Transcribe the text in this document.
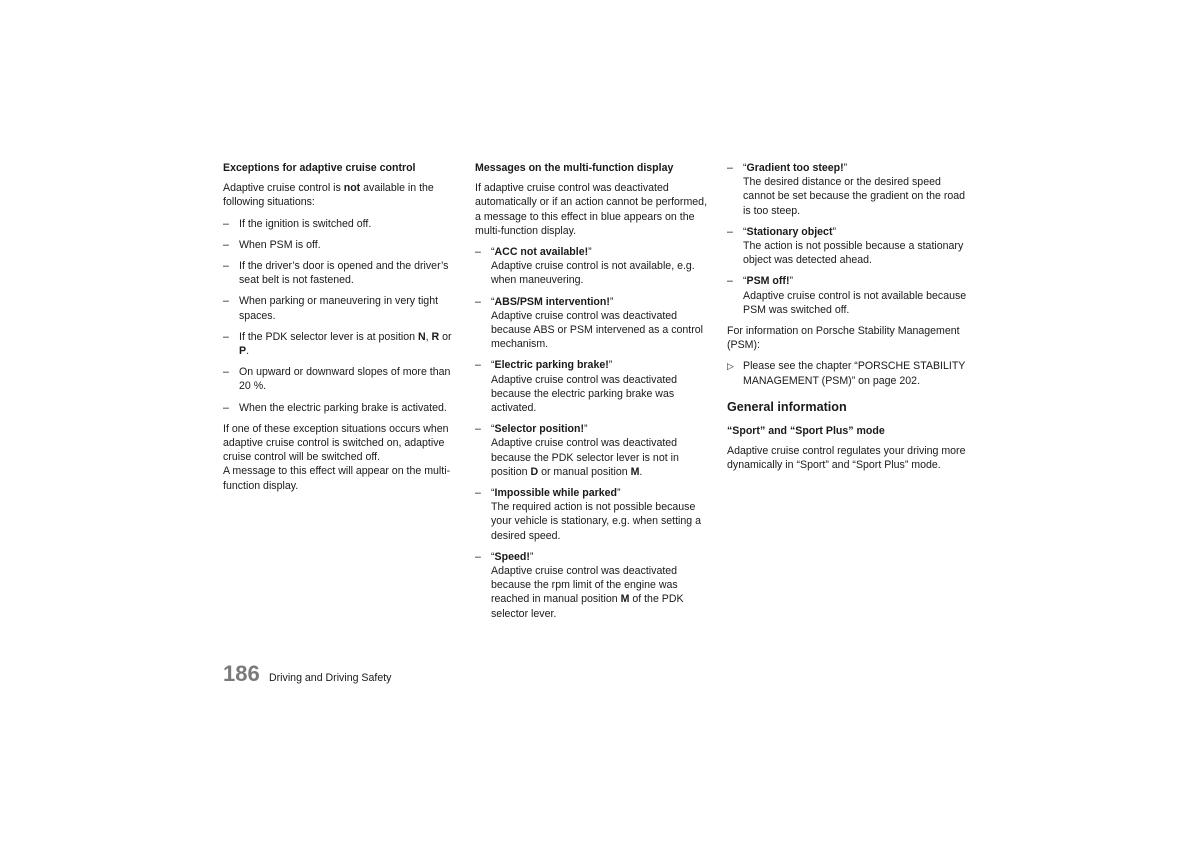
Exceptions for adaptive cruise control

Adaptive cruise control is not available in the following situations:

– If the ignition is switched off.
– When PSM is off.
– If the driver’s door is opened and the driver’s seat belt is not fastened.
– When parking or maneuvering in very tight spaces.
– If the PDK selector lever is at position N, R or P.
– On upward or downward slopes of more than 20 %.
– When the electric parking brake is activated.

If one of these exception situations occurs when adaptive cruise control is switched on, adaptive cruise control will be switched off.

A message to this effect will appear on the multi-function display.

Messages on the multi-function display

If adaptive cruise control was deactivated automatically or if an action cannot be performed, a message to this effect in blue appears on the multi-function display.

– “ACC not available!”
Adaptive cruise control is not available, e.g. when maneuvering.
– “ABS/PSM intervention!”
Adaptive cruise control was deactivated because ABS or PSM intervened as a control mechanism.
– “Electric parking brake!”
Adaptive cruise control was deactivated because the electric parking brake was activated.
– “Selector position!”
Adaptive cruise control was deactivated because the PDK selector lever is not in position D or manual position M.
– “Impossible while parked”
The required action is not possible because your vehicle is stationary, e.g. when setting a desired speed.
– “Speed!”
Adaptive cruise control was deactivated because the rpm limit of the engine was reached in manual position M of the PDK selector lever.
– “Gradient too steep!”
The desired distance or the desired speed cannot be set because the gradient on the road is too steep.
– “Stationary object”
The action is not possible because a stationary object was detected ahead.
– “PSM off!”
Adaptive cruise control is not available because PSM was switched off.

For information on Porsche Stability Management (PSM):

▷ Please see the chapter “PORSCHE STABILITY MANAGEMENT (PSM)” on page 202.
General information
“Sport” and “Sport Plus” mode

Adaptive cruise control regulates your driving more dynamically in “Sport” and “Sport Plus” mode.

186 Driving and Driving Safety
